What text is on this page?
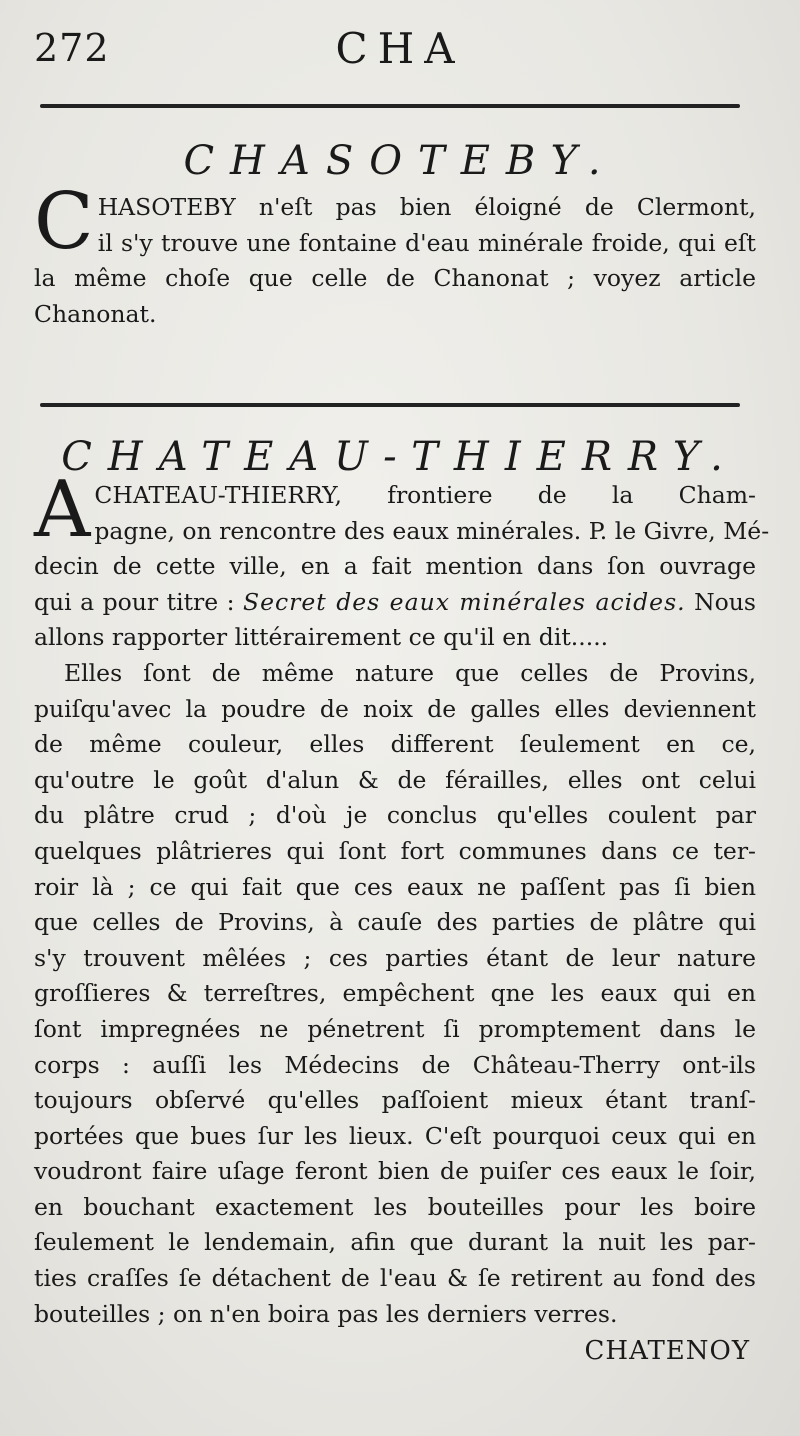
272	CHA
CHASOTEBY.
C HASOTEBY n'eſt pas bien éloigné de Clermont,
il s'y trouve une fontaine d'eau minérale froide, qui eſt
la même choſe que celle de Chanonat ; voyez article
Chanonat.
CHATEAU-THIERRY.
A CHATEAU-THIERRY, frontiere de la Cham-
pagne, on rencontre des eaux minérales. P. le Givre, Mé-
decin de cette ville, en a fait mention dans ſon ouvrage
qui a pour titre : Secret des eaux minérales acides. Nous
allons rapporter littérairement ce qu'il en dit.....
Elles ſont de même nature que celles de Provins,
puiſqu'avec la poudre de noix de galles elles deviennent
de même couleur, elles different ſeulement en ce,
qu'outre le goût d'alun & de férailles, elles ont celui
du plâtre crud ; d'où je conclus qu'elles coulent par
quelques plâtrieres qui ſont fort communes dans ce ter-
roir là ; ce qui fait que ces eaux ne paſſent pas ſi bien
que celles de Provins, à cauſe des parties de plâtre qui
s'y trouvent mêlées ; ces parties étant de leur nature
groſſieres & terreſtres, empêchent qne les eaux qui en
ſont impregnées ne pénetrent ſi promptement dans le
corps : auſſi les Médecins de Château-Therry ont-ils
toujours obſervé qu'elles paſſoient mieux étant tranſ-
portées que bues ſur les lieux. C'eſt pourquoi ceux qui en
voudront faire uſage feront bien de puiſer ces eaux le ſoir,
en bouchant exactement les bouteilles pour les boire
ſeulement le lendemain, afin que durant la nuit les par-
ties craſſes ſe détachent de l'eau & ſe retirent au fond des
bouteilles ; on n'en boira pas les derniers verres.
CHATENOY
